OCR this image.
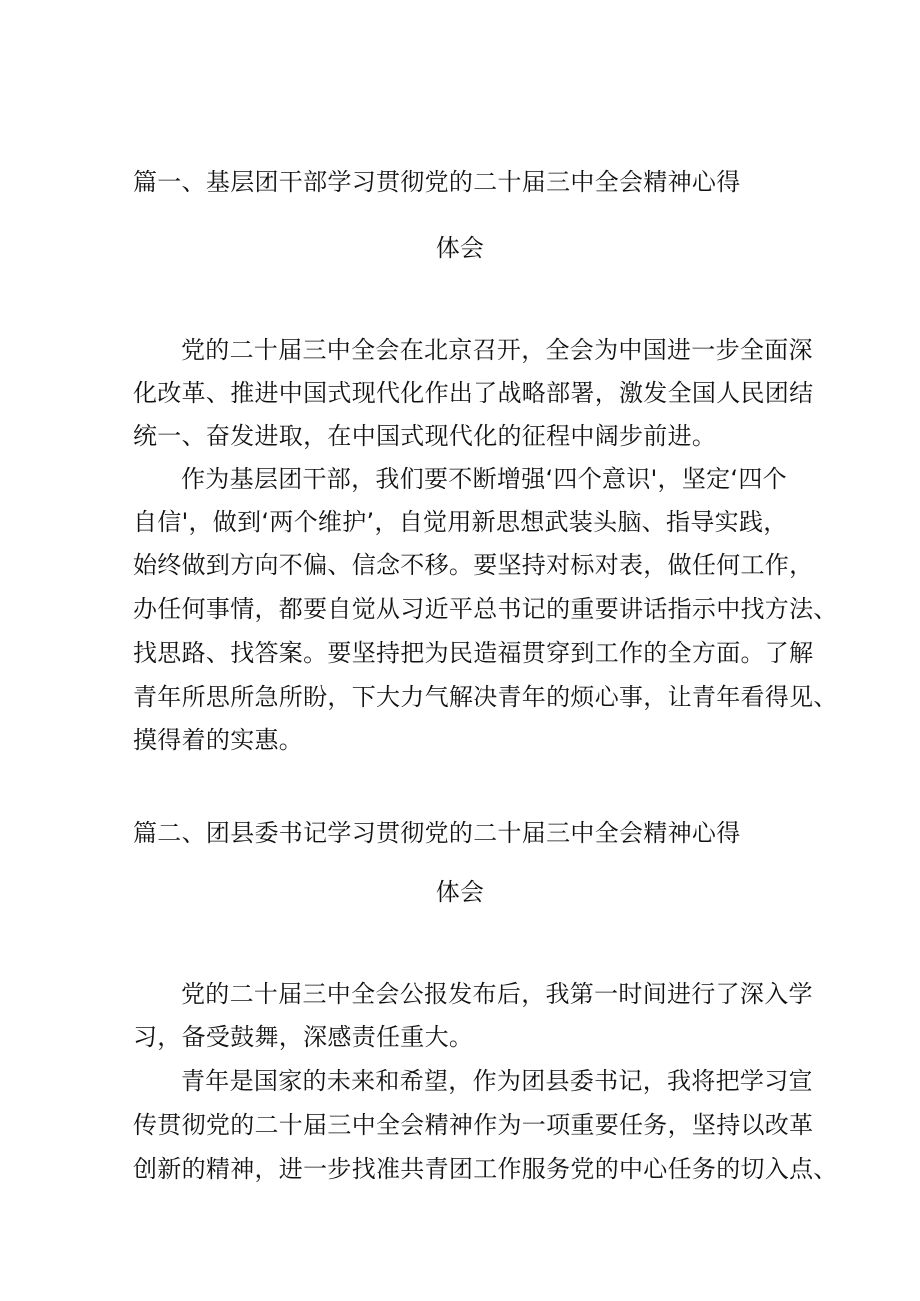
篇一、基层团干部学习贯彻党的二十届三中全会精神心得
体会
党的二十届三中全会在北京召开，全会为中国进一步全面深
化改革、推进中国式现代化作出了战略部署，激发全国人民团结
统一、奋发进取，在中国式现代化的征程中阔步前进。
作为基层团干部，我们要不断增强‘四个意识'，坚定‘四个
自信'，做到‘两个维护’，自觉用新思想武装头脑、指导实践，
始终做到方向不偏、信念不移。要坚持对标对表，做任何工作，
办任何事情，都要自觉从习近平总书记的重要讲话指示中找方法、
找思路、找答案。要坚持把为民造福贯穿到工作的全方面。了解
青年所思所急所盼，下大力气解决青年的烦心事，让青年看得见、
摸得着的实惠。
篇二、团县委书记学习贯彻党的二十届三中全会精神心得
体会
党的二十届三中全会公报发布后，我第一时间进行了深入学
习，备受鼓舞，深感责任重大。
青年是国家的未来和希望，作为团县委书记，我将把学习宣
传贯彻党的二十届三中全会精神作为一项重要任务，坚持以改革
创新的精神，进一步找准共青团工作服务党的中心任务的切入点、
